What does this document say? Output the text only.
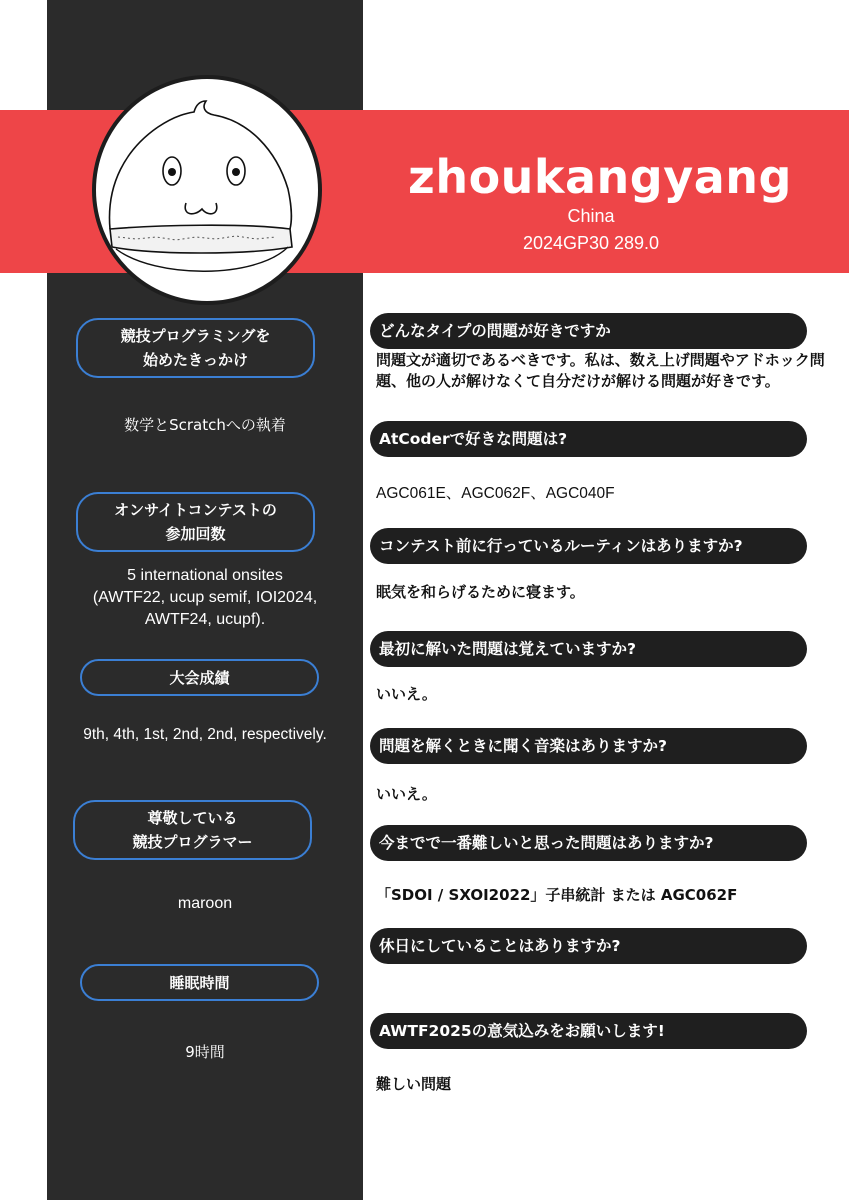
zhoukangyang
China
2024GP30 289.0
競技プログラミングを
始めたきっかけ
数学とScratchへの執着
オンサイトコンテストの
参加回数
5 international onsites
(AWTF22, ucup semif, IOI2024,
AWTF24, ucupf).
大会成績
9th, 4th, 1st, 2nd, 2nd, respectively.
尊敬している
競技プログラマー
maroon
睡眠時間
9時間
どんなタイプの問題が好きですか
問題文が適切であるべきです。私は、数え上げ問題やアドホック問題、他の人が解けなくて自分だけが解ける問題が好きです。
AtCoderで好きな問題は?
AGC061E、AGC062F、AGC040F
コンテスト前に行っているルーティンはありますか?
眠気を和らげるために寝ます。
最初に解いた問題は覚えていますか?
いいえ。
問題を解くときに聞く音楽はありますか?
いいえ。
今までで一番難しいと思った問題はありますか?
「SDOI / SXOI2022」子串統計 または AGC062F
休日にしていることはありますか?
AWTF2025の意気込みをお願いします!
難しい問題
